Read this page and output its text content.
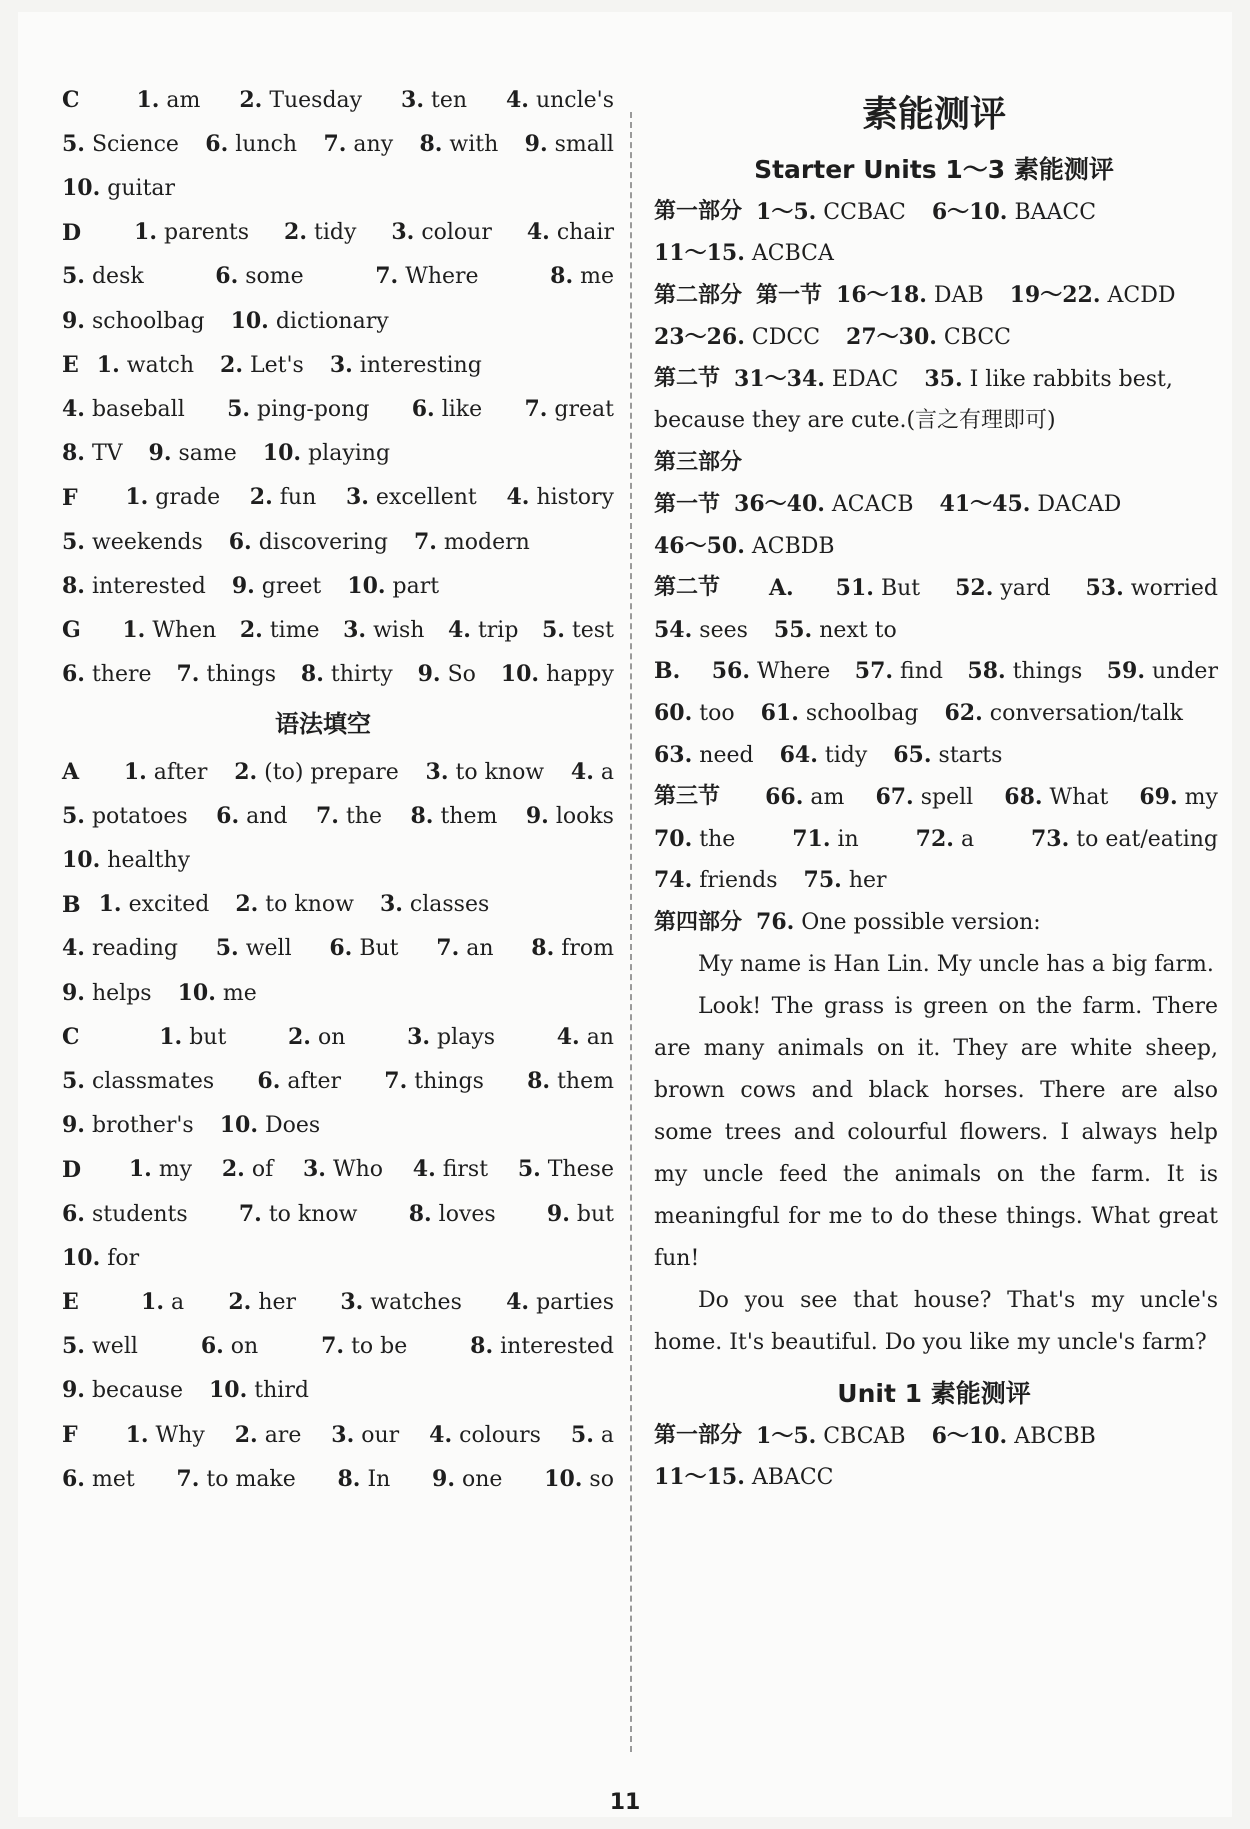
C	1. am 2. Tuesday 3. ten 4. uncle's
5. Science 6. lunch 7. any 8. with 9. small
10. guitar
D 1. parents 2. tidy 3. colour 4. chair
5. desk	6. some	7. Where	8. me
9. schoolbag 10. dictionary
E 1. watch 2. Let's 3. interesting
4. baseball 5. ping-pong 6. like 7. great
8. TV 9. same 10. playing
F 1. grade 2. fun 3. excellent 4. history
5. weekends 6. discovering 7. modern
8. interested 9. greet 10. part
G 1. When 2. time 3. wish 4. trip 5. test
6. there 7. things 8. thirty 9. So 10. happy
语法填空
A 1. after 2. (to) prepare 3. to know 4. a
5. potatoes 6. and 7. the 8. them 9. looks
10. healthy
B 1. excited 2. to know 3. classes
4. reading 5. well 6. But 7. an 8. from
9. helps 10. me
C	1. but	2. on	3. plays	4. an
5. classmates 6. after 7. things 8. them
9. brother's 10. Does
D 1. my 2. of 3. Who 4. first 5. These
6. students 7. to know 8. loves 9. but
10. for
E	1. a 2. her 3. watches 4. parties
5. well	6. on	7. to be	8. interested
9. because 10. third
F 1. Why 2. are 3. our 4. colours 5. a
6. met 7. to make 8. In 9. one 10. so
素能测评
Starter Units 1～3 素能测评
第一部分 1～5. CCBAC 6～10. BAACC
11～15. ACBCA
第二部分 第一节 16～18. DAB 19～22. ACDD
23～26. CDCC 27～30. CBCC
第二节 31～34. EDAC 35. I like rabbits best,
because they are cute.(言之有理即可)
第三部分
第一节 36～40. ACACB 41～45. DACAD
46～50. ACBDB
第二节 A.	51. But 52. yard 53. worried
54. sees 55. next to
B.	56. Where 57. find 58. things 59. under
60. too 61. schoolbag 62. conversation/talk
63. need 64. tidy 65. starts
第三节 66. am 67. spell 68. What 69. my
70. the	71. in	72. a	73. to eat/eating
74. friends 75. her
第四部分 76. One possible version:

My name is Han Lin. My uncle has a big farm.

Look! The grass is green on the farm. There are many animals on it. They are white sheep, brown cows and black horses. There are also some trees and colourful flowers. I always help my uncle feed the animals on the farm. It is meaningful for me to do these things. What great fun!

Do you see that house? That's my uncle's home. It's beautiful. Do you like my uncle's farm?

Unit 1 素能测评
第一部分 1～5. CBCAB 6～10. ABCBB
11～15. ABACC
11
